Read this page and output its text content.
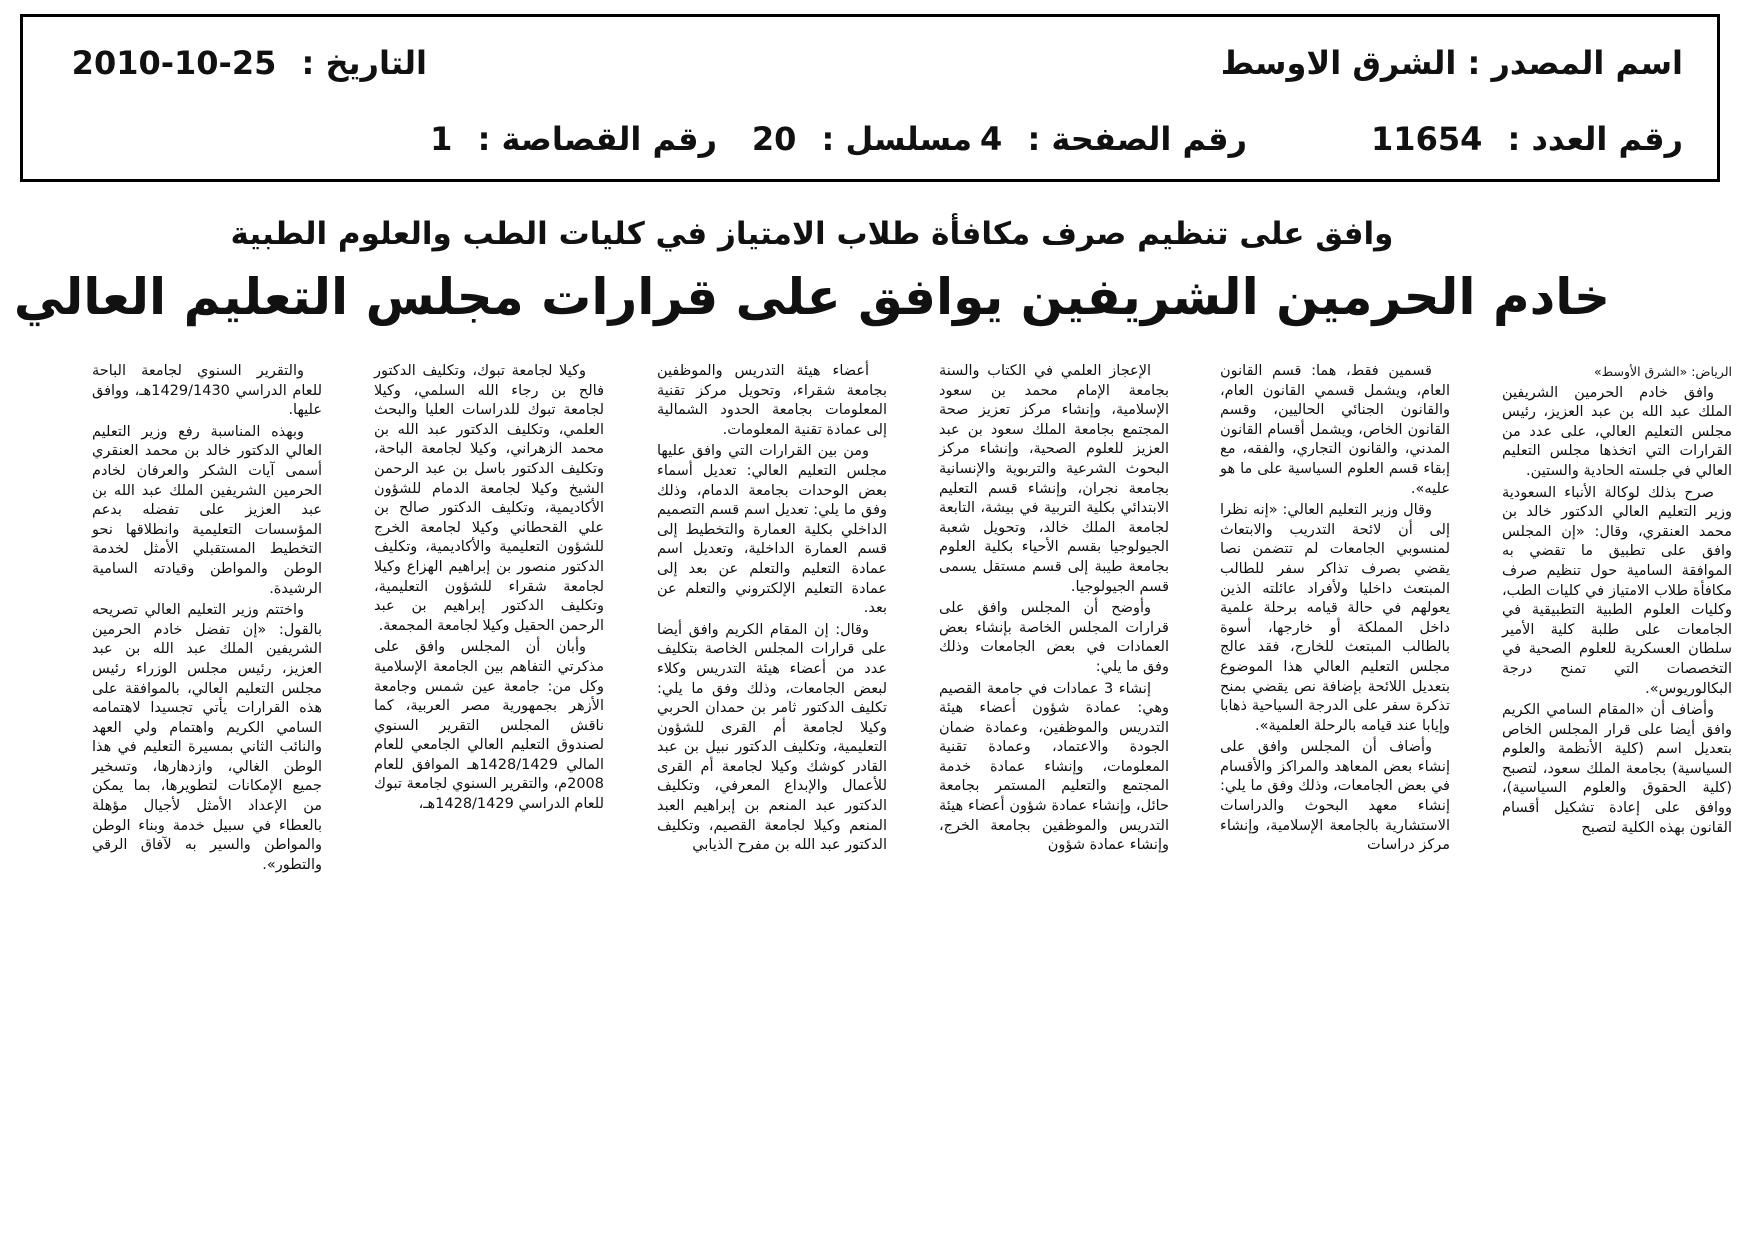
اسم المصدر : الشرق الاوسط
التاريخ : 2010-10-25
رقم العدد : 11654
رقم الصفحة : 4
مسلسل : 20
رقم القصاصة : 1
وافق على تنظيم صرف مكافأة طلاب الامتياز في كليات الطب والعلوم الطبية
خادم الحرمين الشريفين يوافق على قرارات مجلس التعليم العالي

الرياض: «الشرق الأوسط»

وافق خادم الحرمين الشريفين الملك عبد الله بن عبد العزيز، رئيس مجلس التعليم العالي، على عدد من القرارات التي اتخذها مجلس التعليم العالي في جلسته الحادية والستين.

صرح بذلك لوكالة الأنباء السعودية وزير التعليم العالي الدكتور خالد بن محمد العنقري، وقال: «إن المجلس وافق على تطبيق ما تقضي به الموافقة السامية حول تنظيم صرف مكافأة طلاب الامتياز في كليات الطب، وكليات العلوم الطبية التطبيقية في الجامعات على طلبة كلية الأمير سلطان العسكرية للعلوم الصحية في التخصصات التي تمنح درجة البكالوريوس».

وأضاف أن «المقام السامي الكريم وافق أيضا على قرار المجلس الخاص بتعديل اسم (كلية الأنظمة والعلوم السياسية) بجامعة الملك سعود، لتصبح (كلية الحقوق والعلوم السياسية)، ووافق على إعادة تشكيل أقسام القانون بهذه الكلية لتصبح

قسمين فقط، هما: قسم القانون العام، ويشمل قسمي القانون العام، والقانون الجنائي الحاليين، وقسم القانون الخاص، ويشمل أقسام القانون المدني، والقانون التجاري، والفقه، مع إبقاء قسم العلوم السياسية على ما هو عليه».

وقال وزير التعليم العالي: «إنه نظرا إلى أن لائحة التدريب والابتعاث لمنسوبي الجامعات لم تتضمن نصا يقضي بصرف تذاكر سفر للطالب المبتعث داخليا ولأفراد عائلته الذين يعولهم في حالة قيامه برحلة علمية داخل المملكة أو خارجها، أسوة بالطالب المبتعث للخارج، فقد عالج مجلس التعليم العالي هذا الموضوع بتعديل اللائحة بإضافة نص يقضي بمنح تذكرة سفر على الدرجة السياحية ذهابا وإيابا عند قيامه بالرحلة العلمية».

وأضاف أن المجلس وافق على إنشاء بعض المعاهد والمراكز والأقسام في بعض الجامعات، وذلك وفق ما يلي: إنشاء معهد البحوث والدراسات الاستشارية بالجامعة الإسلامية، وإنشاء مركز دراسات

الإعجاز العلمي في الكتاب والسنة بجامعة الإمام محمد بن سعود الإسلامية، وإنشاء مركز تعزيز صحة المجتمع بجامعة الملك سعود بن عبد العزيز للعلوم الصحية، وإنشاء مركز البحوث الشرعية والتربوية والإنسانية بجامعة نجران، وإنشاء قسم التعليم الابتدائي بكلية التربية في بيشة، التابعة لجامعة الملك خالد، وتحويل شعبة الجيولوجيا بقسم الأحياء بكلية العلوم بجامعة طيبة إلى قسم مستقل يسمى قسم الجيولوجيا.

وأوضح أن المجلس وافق على قرارات المجلس الخاصة بإنشاء بعض العمادات في بعض الجامعات وذلك وفق ما يلي:

إنشاء 3 عمادات في جامعة القصيم وهي: عمادة شؤون أعضاء هيئة التدريس والموظفين، وعمادة ضمان الجودة والاعتماد، وعمادة تقنية المعلومات، وإنشاء عمادة خدمة المجتمع والتعليم المستمر بجامعة حائل، وإنشاء عمادة شؤون أعضاء هيئة التدريس والموظفين بجامعة الخرج، وإنشاء عمادة شؤون

أعضاء هيئة التدريس والموظفين بجامعة شقراء، وتحويل مركز تقنية المعلومات بجامعة الحدود الشمالية إلى عمادة تقنية المعلومات.

ومن بين القرارات التي وافق عليها مجلس التعليم العالي: تعديل أسماء بعض الوحدات بجامعة الدمام، وذلك وفق ما يلي: تعديل اسم قسم التصميم الداخلي بكلية العمارة والتخطيط إلى قسم العمارة الداخلية، وتعديل اسم عمادة التعليم والتعلم عن بعد إلى عمادة التعليم الإلكتروني والتعلم عن بعد.

وقال: إن المقام الكريم وافق أيضا على قرارات المجلس الخاصة بتكليف عدد من أعضاء هيئة التدريس وكلاء لبعض الجامعات، وذلك وفق ما يلي: تكليف الدكتور ثامر بن حمدان الحربي وكيلا لجامعة أم القرى للشؤون التعليمية، وتكليف الدكتور نبيل بن عبد القادر كوشك وكيلا لجامعة أم القرى للأعمال والإبداع المعرفي، وتكليف الدكتور عبد المنعم بن إبراهيم العبد المنعم وكيلا لجامعة القصيم، وتكليف الدكتور عبد الله بن مفرح الذيابي

وكيلا لجامعة تبوك، وتكليف الدكتور فالح بن رجاء الله السلمي، وكيلا لجامعة تبوك للدراسات العليا والبحث العلمي، وتكليف الدكتور عبد الله بن محمد الزهراني، وكيلا لجامعة الباحة، وتكليف الدكتور باسل بن عبد الرحمن الشيخ وكيلا لجامعة الدمام للشؤون الأكاديمية، وتكليف الدكتور صالح بن علي القحطاني وكيلا لجامعة الخرج للشؤون التعليمية والأكاديمية، وتكليف الدكتور منصور بن إبراهيم الهزاع وكيلا لجامعة شقراء للشؤون التعليمية، وتكليف الدكتور إبراهيم بن عبد الرحمن الحقيل وكيلا لجامعة المجمعة.

وأبان أن المجلس وافق على مذكرتي التفاهم بين الجامعة الإسلامية وكل من: جامعة عين شمس وجامعة الأزهر بجمهورية مصر العربية، كما ناقش المجلس التقرير السنوي لصندوق التعليم العالي الجامعي للعام المالي 1428/1429هـ الموافق للعام 2008م، والتقرير السنوي لجامعة تبوك للعام الدراسي 1428/1429هـ،

والتقرير السنوي لجامعة الباحة للعام الدراسي 1429/1430هـ، ووافق عليها.

وبهذه المناسبة رفع وزير التعليم العالي الدكتور خالد بن محمد العنقري أسمى آيات الشكر والعرفان لخادم الحرمين الشريفين الملك عبد الله بن عبد العزيز على تفضله بدعم المؤسسات التعليمية وانطلاقها نحو التخطيط المستقبلي الأمثل لخدمة الوطن والمواطن وقيادته السامية الرشيدة.

واختتم وزير التعليم العالي تصريحه بالقول: «إن تفضل خادم الحرمين الشريفين الملك عبد الله بن عبد العزيز، رئيس مجلس الوزراء رئيس مجلس التعليم العالي، بالموافقة على هذه القرارات يأتي تجسيدا لاهتمامه السامي الكريم واهتمام ولي العهد والنائب الثاني بمسيرة التعليم في هذا الوطن الغالي، وازدهارها، وتسخير جميع الإمكانات لتطويرها، بما يمكن من الإعداد الأمثل لأجيال مؤهلة بالعطاء في سبيل خدمة وبناء الوطن والمواطن والسير به لآفاق الرقي والتطور».
